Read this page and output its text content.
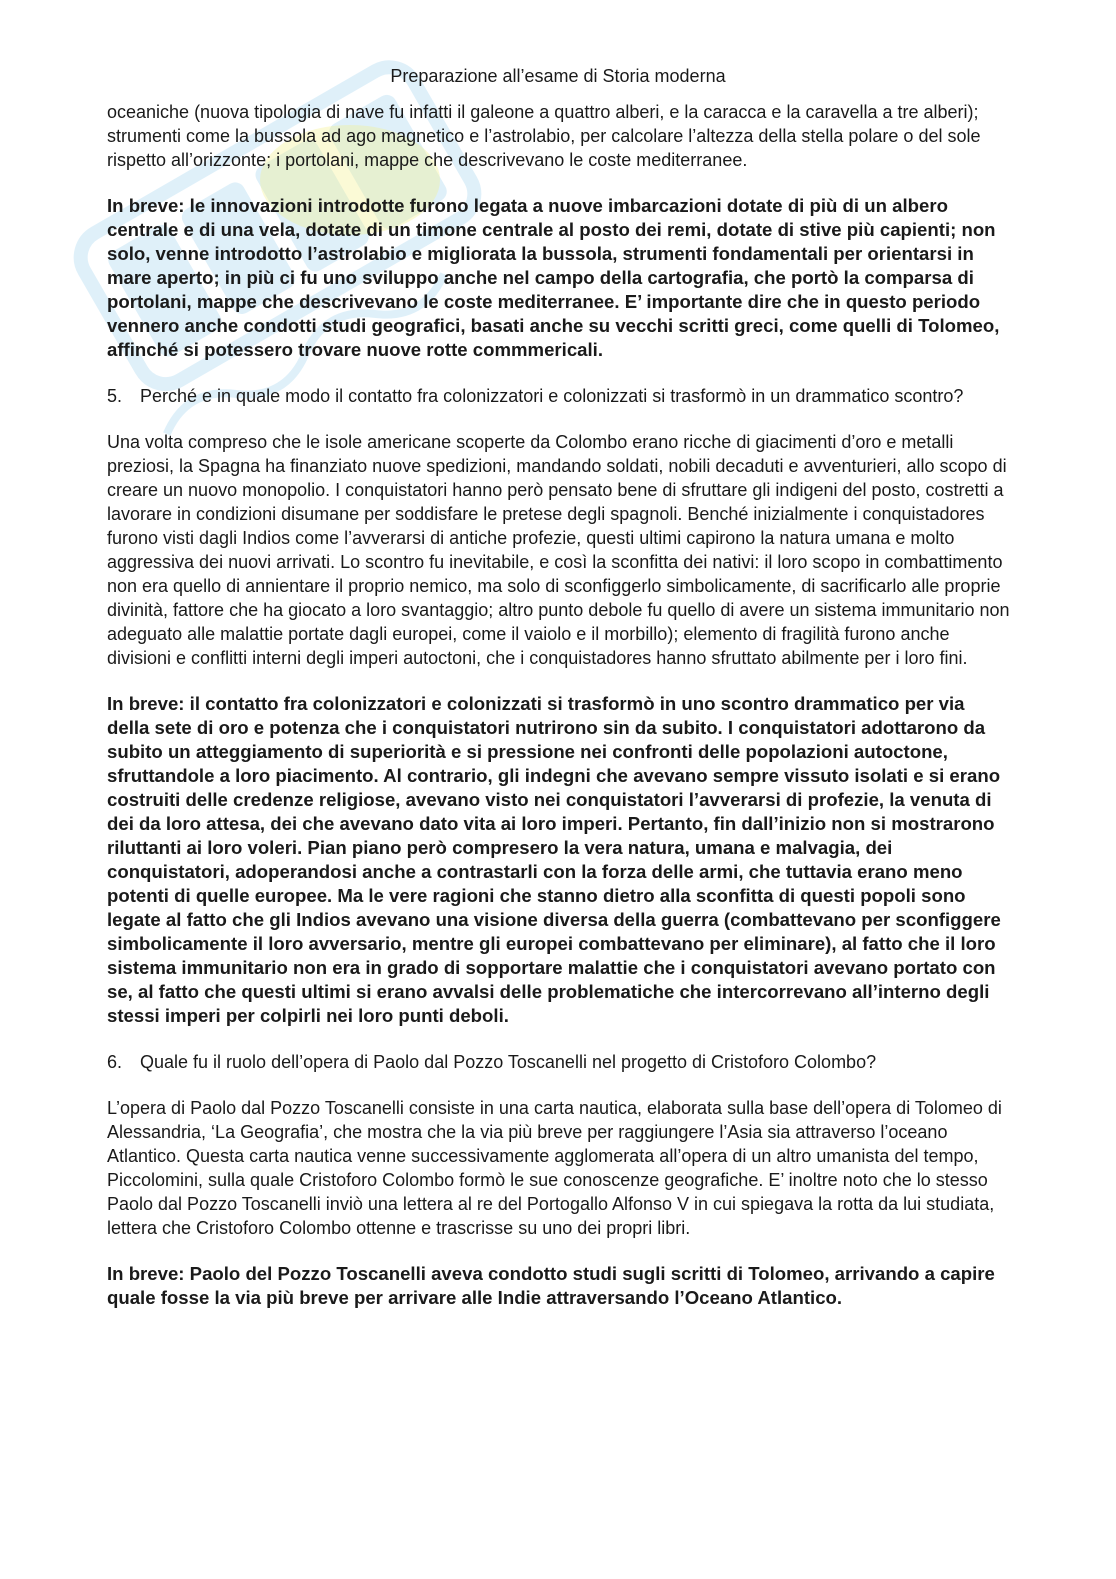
Preparazione all’esame di Storia moderna

oceaniche (nuova tipologia di nave fu infatti il galeone a quattro alberi, e la caracca e la caravella a tre alberi); strumenti come la bussola ad ago magnetico e l’astrolabio, per calcolare l’altezza della stella polare o del sole rispetto all’orizzonte; i portolani, mappe che descrivevano le coste mediterranee.

In breve: le innovazioni introdotte furono legata a nuove imbarcazioni dotate di più di un albero centrale e di una vela, dotate di un timone centrale al posto dei remi, dotate di stive più capienti; non solo, venne introdotto l’astrolabio e migliorata la bussola, strumenti fondamentali per orientarsi in mare aperto; in più ci fu uno sviluppo anche nel campo della cartografia, che portò la comparsa di portolani, mappe che descrivevano le coste mediterranee. E’ importante dire che in questo periodo vennero anche condotti studi geografici, basati anche su vecchi scritti greci, come quelli di Tolomeo, affinché si potessero trovare nuove rotte commmericali.

5. Perché e in quale modo il contatto fra colonizzatori e colonizzati si trasformò in un drammatico scontro?

Una volta compreso che le isole americane scoperte da Colombo erano ricche di giacimenti d’oro e metalli preziosi, la Spagna ha finanziato nuove spedizioni, mandando soldati, nobili decaduti e avventurieri, allo scopo di creare un nuovo monopolio. I conquistatori hanno però pensato bene di sfruttare gli indigeni del posto, costretti a lavorare in condizioni disumane per soddisfare le pretese degli spagnoli. Benché inizialmente i conquistadores furono visti dagli Indios come l’avverarsi di antiche profezie, questi ultimi capirono la natura umana e molto aggressiva dei nuovi arrivati. Lo scontro fu inevitabile, e così la sconfitta dei nativi: il loro scopo in combattimento non era quello di annientare il proprio nemico, ma solo di sconfiggerlo simbolicamente, di sacrificarlo alle proprie divinità, fattore che ha giocato a loro svantaggio; altro punto debole fu quello di avere un sistema immunitario non adeguato alle malattie portate dagli europei, come il vaiolo e il morbillo); elemento di fragilità furono anche divisioni e conflitti interni degli imperi autoctoni, che i conquistadores hanno sfruttato abilmente per i loro fini.

In breve: il contatto fra colonizzatori e colonizzati si trasformò in uno scontro drammatico per via della sete di oro e potenza che i conquistatori nutrirono sin da subito. I conquistatori adottarono da subito un atteggiamento di superiorità e si pressione nei confronti delle popolazioni autoctone, sfruttandole a loro piacimento. Al contrario, gli indegni che avevano sempre vissuto isolati e si erano costruiti delle credenze religiose, avevano visto nei conquistatori l’avverarsi di profezie, la venuta di dei da loro attesa, dei che avevano dato vita ai loro imperi. Pertanto, fin dall’inizio non si mostrarono riluttanti ai loro voleri. Pian piano però compresero la vera natura, umana e malvagia, dei conquistatori, adoperandosi anche a contrastarli con la forza delle armi, che tuttavia erano meno potenti di quelle europee. Ma le vere ragioni che stanno dietro alla sconfitta di questi popoli sono legate al fatto che gli Indios avevano una visione diversa della guerra (combattevano per sconfiggere simbolicamente il loro avversario, mentre gli europei combattevano per eliminare), al fatto che il loro sistema immunitario non era in grado di sopportare malattie che i conquistatori avevano portato con se, al fatto che questi ultimi si erano avvalsi delle problematiche che intercorrevano all’interno degli stessi imperi per colpirli nei loro punti deboli.

6. Quale fu il ruolo dell’opera di Paolo dal Pozzo Toscanelli nel progetto di Cristoforo Colombo?

L’opera di Paolo dal Pozzo Toscanelli consiste in una carta nautica, elaborata sulla base dell’opera di Tolomeo di Alessandria, ‘La Geografia’, che mostra che la via più breve per raggiungere l’Asia sia attraverso l’oceano Atlantico. Questa carta nautica venne successivamente agglomerata all’opera di un altro umanista del tempo, Piccolomini, sulla quale Cristoforo Colombo formò le sue conoscenze geografiche. E’ inoltre noto che lo stesso Paolo dal Pozzo Toscanelli inviò una lettera al re del Portogallo Alfonso V in cui spiegava la rotta da lui studiata, lettera che Cristoforo Colombo ottenne e trascrisse su uno dei propri libri.

In breve: Paolo del Pozzo Toscanelli aveva condotto studi sugli scritti di Tolomeo, arrivando a capire quale fosse la via più breve per arrivare alle Indie attraversando l’Oceano Atlantico.
